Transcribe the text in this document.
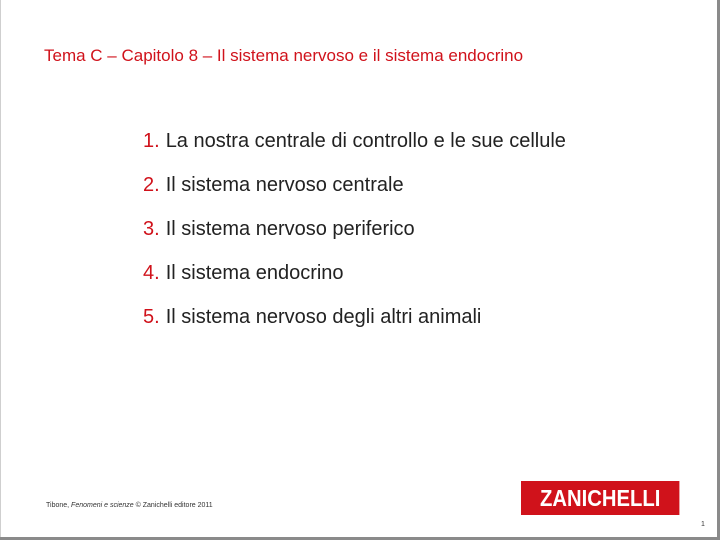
Tema C – Capitolo 8 – Il sistema nervoso e il sistema endocrino
1. La nostra centrale di controllo e le sue cellule
2. Il sistema nervoso centrale
3. Il sistema nervoso periferico
4. Il sistema endocrino
5. Il sistema nervoso degli altri animali
Tibone, Fenomeni e scienze © Zanichelli editore 2011	ZANICHELLI
1
